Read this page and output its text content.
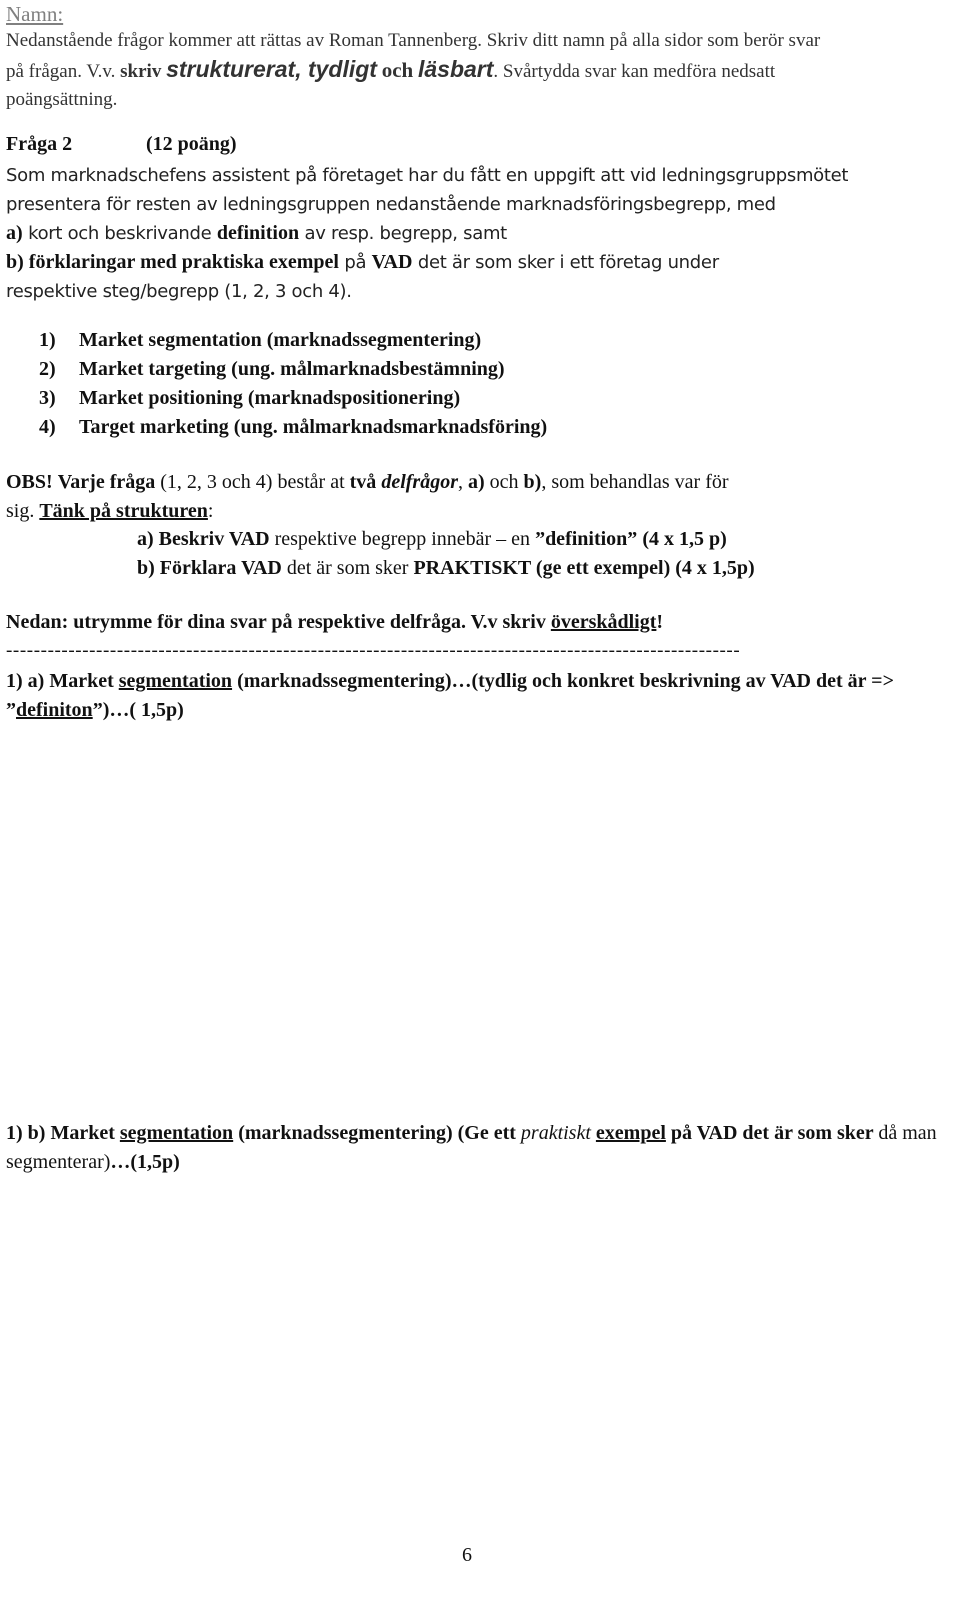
Namn:
Nedanstående frågor kommer att rättas av Roman Tannenberg. Skriv ditt namn på alla sidor som berör svar
på frågan. V.v. skriv strukturerat, tydligt och läsbart. Svårtydda svar kan medföra nedsatt
poängsättning.
Fråga 2	(12 poäng)
Som marknadschefens assistent på företaget har du fått en uppgift att vid ledningsgruppsmötet
presentera för resten av ledningsgruppen nedanstående marknadsföringsbegrepp, med
a) kort och beskrivande definition av resp. begrepp, samt
b) förklaringar med praktiska exempel på VAD det är som sker i ett företag under
respektive steg/begrepp (1, 2, 3 och 4).
1)	Market segmentation (marknadssegmentering)
2)	Market targeting (ung. målmarknadsbestämning)
3)	Market positioning (marknadspositionering)
4)	Target marketing (ung. målmarknadsmarknadsföring)
OBS! Varje fråga (1, 2, 3 och 4) består at två delfrågor, a) och b), som behandlas var för
sig. Tänk på strukturen:
a) Beskriv VAD respektive begrepp innebär – en ”definition” (4 x 1,5 p)
b) Förklara VAD det är som sker PRAKTISKT (ge ett exempel) (4 x 1,5p)
Nedan: utrymme för dina svar på respektive delfråga. V.v skriv överskådligt!
----------------------------------------------------------------------------------------------------------
1) a) Market segmentation (marknadssegmentering)…(tydlig och konkret beskrivning av VAD det är => ”definiton”)…( 1,5p)
1) b) Market segmentation (marknadssegmentering) (Ge ett praktiskt exempel på VAD det är som sker då man segmenterar)…(1,5p)
6
